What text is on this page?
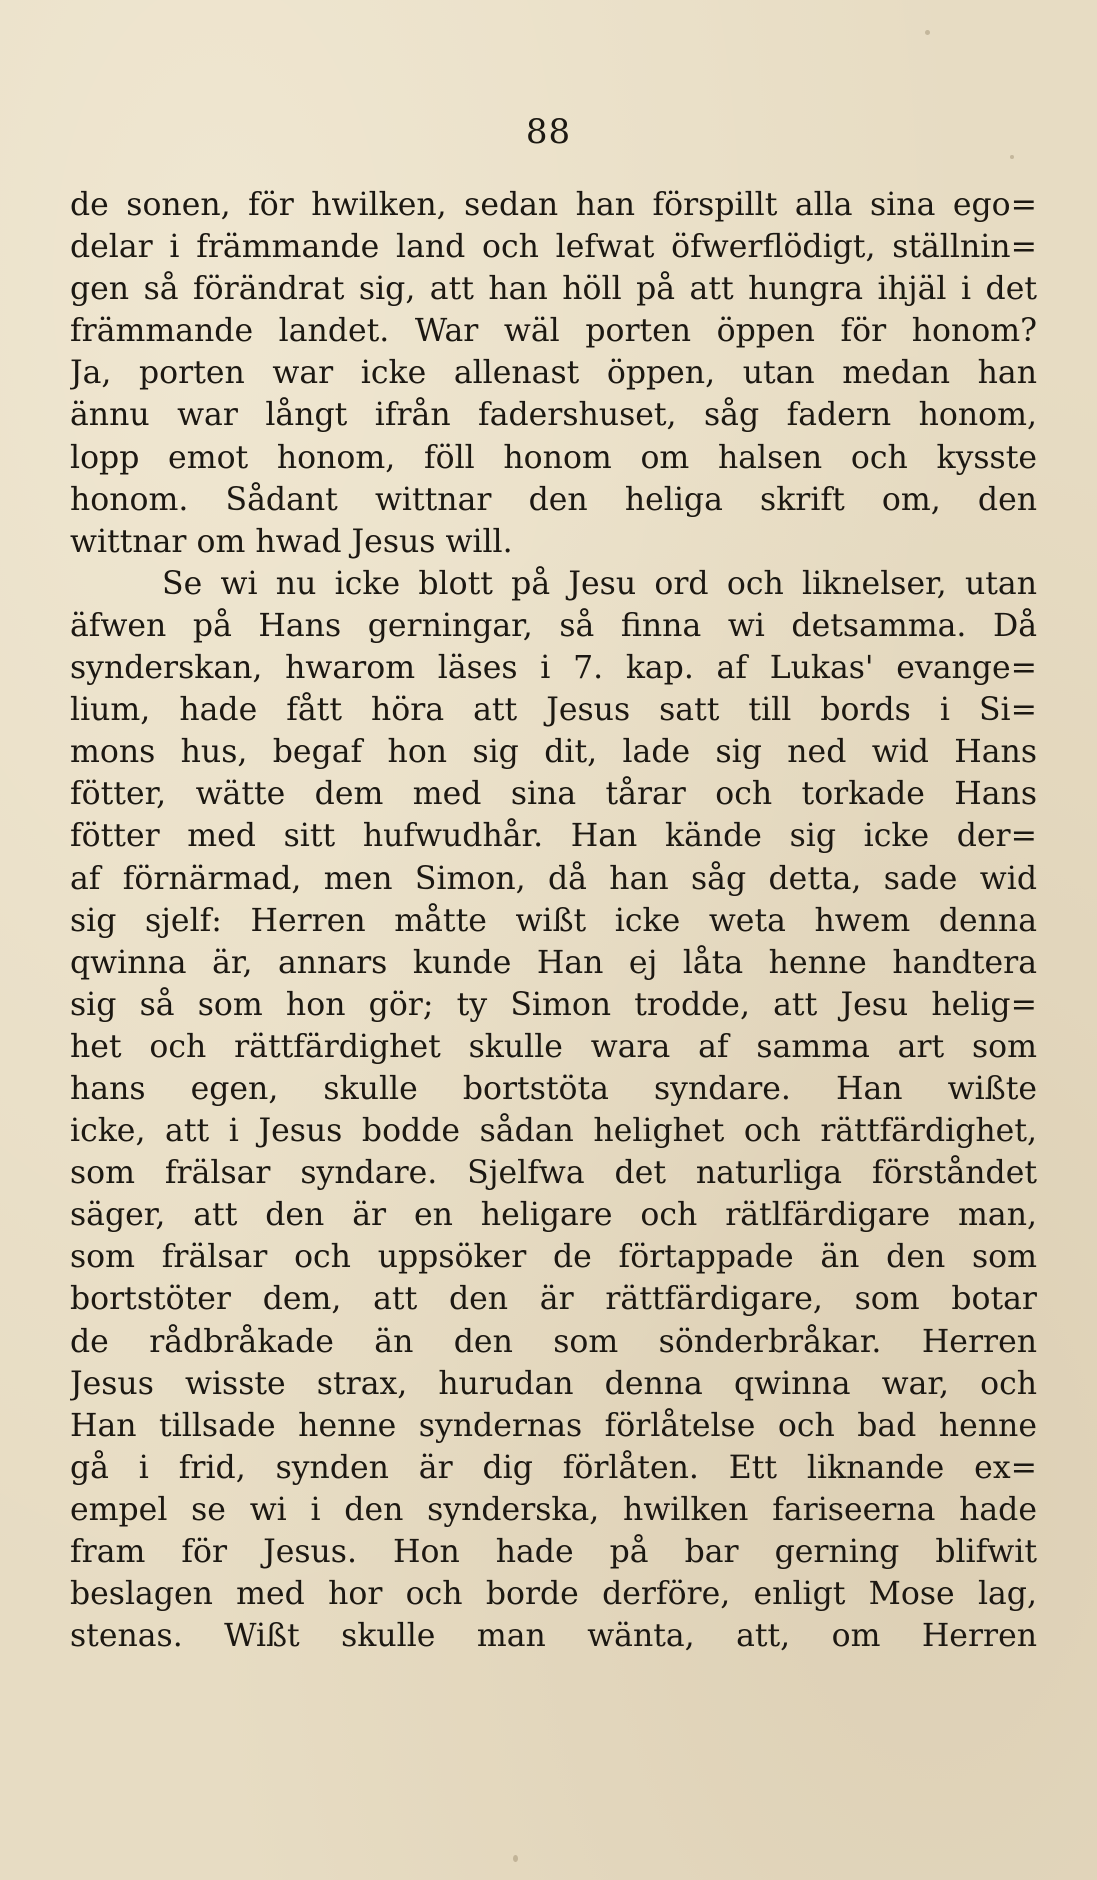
88
de sonen, för hwilken, sedan han förspillt alla sina ego=
delar i främmande land och lefwat öfwerflödigt, ställnin=
gen så förändrat sig, att han höll på att hungra ihjäl i det
främmande landet. War wäl porten öppen för honom?
Ja, porten war icke allenast öppen, utan medan han
ännu war långt ifrån fadershuset, såg fadern honom,
lopp emot honom, föll honom om halsen och kysste
honom. Sådant wittnar den heliga skrift om, den
wittnar om hwad Jesus will.
Se wi nu icke blott på Jesu ord och liknelser, utan
äfwen på Hans gerningar, så finna wi detsamma. Då
synderskan, hwarom läses i 7. kap. af Lukas' evange=
lium, hade fått höra att Jesus satt till bords i Si=
mons hus, begaf hon sig dit, lade sig ned wid Hans
fötter, wätte dem med sina tårar och torkade Hans
fötter med sitt hufwudhår. Han kände sig icke der=
af förnärmad, men Simon, då han såg detta, sade wid
sig sjelf: Herren måtte wißt icke weta hwem denna
qwinna är, annars kunde Han ej låta henne handtera
sig så som hon gör; ty Simon trodde, att Jesu helig=
het och rättfärdighet skulle wara af samma art som
hans egen, skulle bortstöta syndare. Han wißte
icke, att i Jesus bodde sådan helighet och rättfärdighet,
som frälsar syndare. Sjelfwa det naturliga förståndet
säger, att den är en heligare och rätlfärdigare man,
som frälsar och uppsöker de förtappade än den som
bortstöter dem, att den är rättfärdigare, som botar
de rådbråkade än den som sönderbråkar. Herren
Jesus wisste strax, hurudan denna qwinna war, och
Han tillsade henne syndernas förlåtelse och bad henne
gå i frid, synden är dig förlåten. Ett liknande ex=
empel se wi i den synderska, hwilken fariseerna hade
fram för Jesus. Hon hade på bar gerning blifwit
beslagen med hor och borde derföre, enligt Mose lag,
stenas. Wißt skulle man wänta, att, om Herren
